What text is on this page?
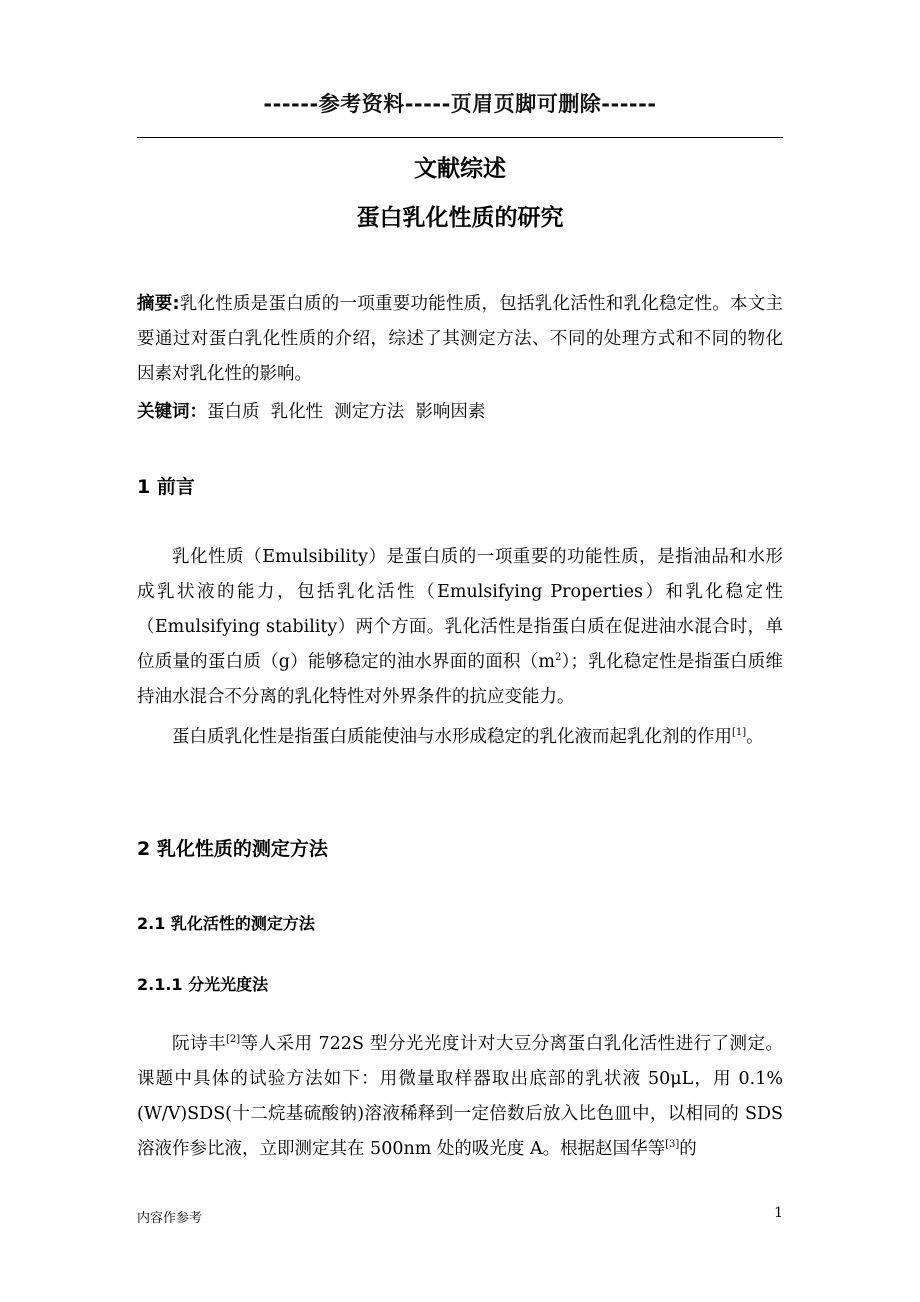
------参考资料-----页眉页脚可删除------
文献综述
蛋白乳化性质的研究
摘要:乳化性质是蛋白质的一项重要功能性质，包括乳化活性和乳化稳定性。本文主要通过对蛋白乳化性质的介绍，综述了其测定方法、不同的处理方式和不同的物化因素对乳化性的影响。
关键词：蛋白质  乳化性  测定方法  影响因素
1 前言
乳化性质（Emulsibility）是蛋白质的一项重要的功能性质，是指油品和水形成乳状液的能力，包括乳化活性（Emulsifying Properties）和乳化稳定性（Emulsifying stability）两个方面。乳化活性是指蛋白质在促进油水混合时，单位质量的蛋白质（g）能够稳定的油水界面的面积$(m^2)$；乳化稳定性是指蛋白质维持油水混合不分离的乳化特性对外界条件的抗应变能力。
蛋白质乳化性是指蛋白质能使油与水形成稳定的乳化液而起乳化剂的作用[1]。
2 乳化性质的测定方法
2.1 乳化活性的测定方法
2.1.1 分光光度法
阮诗丰[2]等人采用 722S 型分光光度计对大豆分离蛋白乳化活性进行了测定。课题中具体的试验方法如下：用微量取样器取出底部的乳状液 50μL，用 0.1%(W/V)SDS(十二烷基硫酸钠)溶液稀释到一定倍数后放入比色皿中，以相同的 SDS 溶液作参比液，立即测定其在 500nm 处的吸光度 A。根据赵国华等[3]的
内容作参考	1
